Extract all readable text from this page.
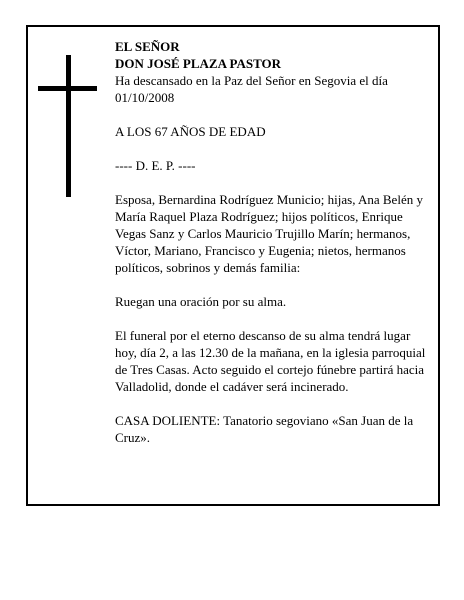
EL SEÑOR

DON JOSÉ PLAZA PASTOR

Ha descansado en la Paz del Señor en Segovia el día 01/10/2008

A LOS 67 AÑOS DE EDAD

---- D. E. P. ----

Esposa, Bernardina Rodríguez Municio; hijas, Ana Belén y María Raquel Plaza Rodríguez; hijos políticos, Enrique Vegas Sanz y Carlos Mauricio Trujillo Marín; hermanos, Víctor, Mariano, Francisco y Eugenia; nietos, hermanos políticos, sobrinos y demás familia:

Ruegan una oración por su alma.

El funeral por el eterno descanso de su alma tendrá lugar hoy, día 2, a las 12.30 de la mañana, en la iglesia parroquial de Tres Casas. Acto seguido el cortejo fúnebre partirá hacia Valladolid, donde el cadáver será incinerado.

CASA DOLIENTE: Tanatorio segoviano «San Juan de la Cruz».
